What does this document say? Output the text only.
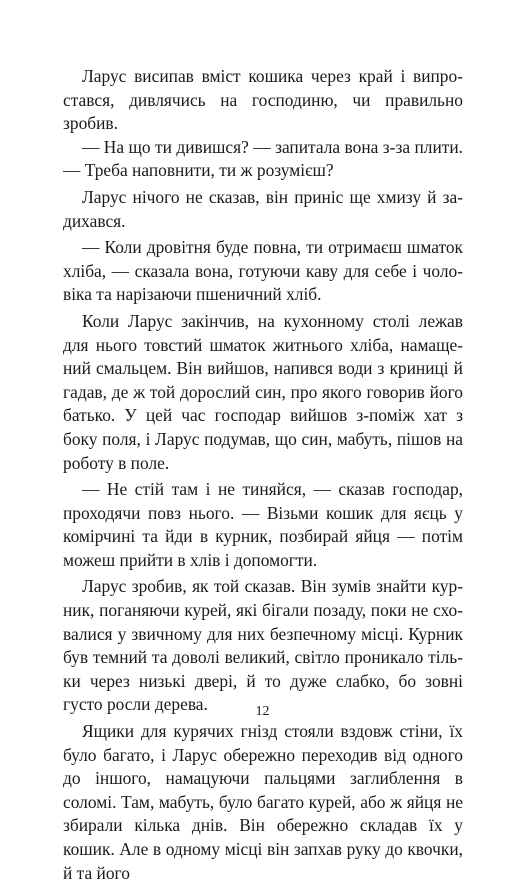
Ларус висипав вміст кошика через край і випростався, дивлячись на господиню, чи правильно зробив.

— На що ти дивишся? — запитала вона з-за плити. — Треба наповнити, ти ж розумієш?

Ларус нічого не сказав, він приніс ще хмизу й задихався.

— Коли дровітня буде повна, ти отримаєш шматок хліба, — сказала вона, готуючи каву для себе і чоловіка та нарізаючи пшеничний хліб.

Коли Ларус закінчив, на кухонному столі лежав для нього товстий шматок житнього хліба, намащений смальцем. Він вийшов, напився води з криниці й гадав, де ж той дорослий син, про якого говорив його батько. У цей час господар вийшов з-поміж хат з боку поля, і Ларус подумав, що син, мабуть, пішов на роботу в поле.

— Не стій там і не тиняйся, — сказав господар, проходячи повз нього. — Візьми кошик для яєць у комірчині та йди в курник, позбирай яйця — потім можеш прийти в хлів і допомогти.

Ларус зробив, як той сказав. Він зумів знайти курник, поганяючи курей, які бігали позаду, поки не сховалися у звичному для них безпечному місці. Курник був темний та доволі великий, світло проникало тільки через низькі двері, й то дуже слабко, бо зовні густо росли дерева.

Ящики для курячих гнізд стояли вздовж стіни, їх було багато, і Ларус обережно переходив від одного до іншого, намацуючи пальцями заглиблення в соломі. Там, мабуть, було багато курей, або ж яйця не збирали кілька днів. Він обережно складав їх у кошик. Але в одному місці він запхав руку до квочки, й та його

12
